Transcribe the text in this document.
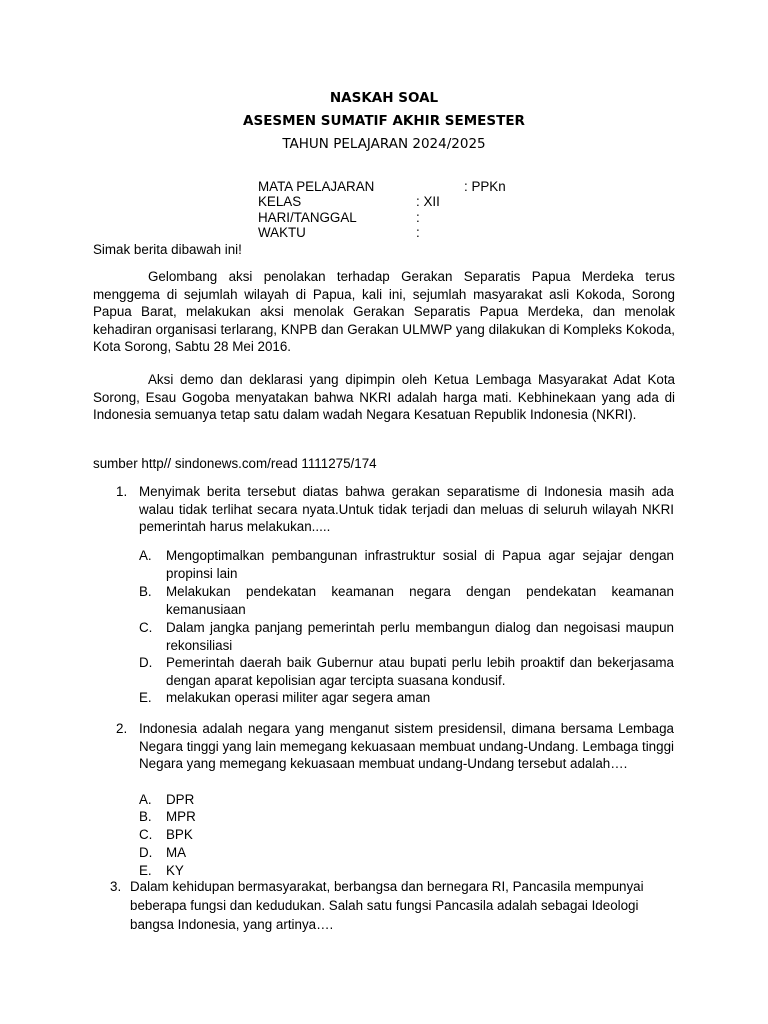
NASKAH SOAL
ASESMEN SUMATIF AKHIR SEMESTER
TAHUN PELAJARAN 2024/2025
MATA PELAJARAN	: PPKn
KELAS	: XII
HARI/TANGGAL	:
WAKTU	:
Simak berita dibawah ini!
Gelombang aksi penolakan terhadap Gerakan Separatis Papua Merdeka terus menggema di sejumlah wilayah di Papua, kali ini, sejumlah masyarakat asli Kokoda, Sorong Papua Barat, melakukan aksi menolak Gerakan Separatis Papua Merdeka, dan menolak kehadiran organisasi terlarang, KNPB dan Gerakan ULMWP yang dilakukan di Kompleks Kokoda, Kota Sorong, Sabtu 28 Mei 2016.
Aksi demo dan deklarasi yang dipimpin oleh Ketua Lembaga Masyarakat Adat Kota Sorong, Esau Gogoba menyatakan bahwa NKRI adalah harga mati. Kebhinekaan yang ada di Indonesia semuanya tetap satu dalam wadah Negara Kesatuan Republik Indonesia (NKRI).
sumber http// sindonews.com/read 1111275/174
1. Menyimak berita tersebut diatas bahwa gerakan separatisme di Indonesia masih ada walau tidak terlihat secara nyata.Untuk tidak terjadi dan meluas di seluruh wilayah NKRI pemerintah harus melakukan.....
A. Mengoptimalkan pembangunan infrastruktur sosial di Papua agar sejajar dengan propinsi lain
B. Melakukan pendekatan keamanan negara dengan pendekatan keamanan kemanusiaan
C. Dalam jangka panjang pemerintah perlu membangun dialog dan negoisasi maupun rekonsiliasi
D. Pemerintah daerah baik Gubernur atau bupati perlu lebih proaktif dan bekerjasama dengan aparat kepolisian agar tercipta suasana kondusif.
E. melakukan operasi militer agar segera aman
2. Indonesia adalah negara yang menganut sistem presidensil, dimana bersama Lembaga Negara tinggi yang lain memegang kekuasaan membuat undang-Undang. Lembaga tinggi Negara yang memegang kekuasaan membuat undang-Undang tersebut adalah….
A. DPR
B. MPR
C. BPK
D. MA
E. KY
3. Dalam kehidupan bermasyarakat, berbangsa dan bernegara RI, Pancasila mempunyai
beberapa fungsi dan kedudukan. Salah satu fungsi Pancasila adalah sebagai Ideologi
bangsa Indonesia, yang artinya….
